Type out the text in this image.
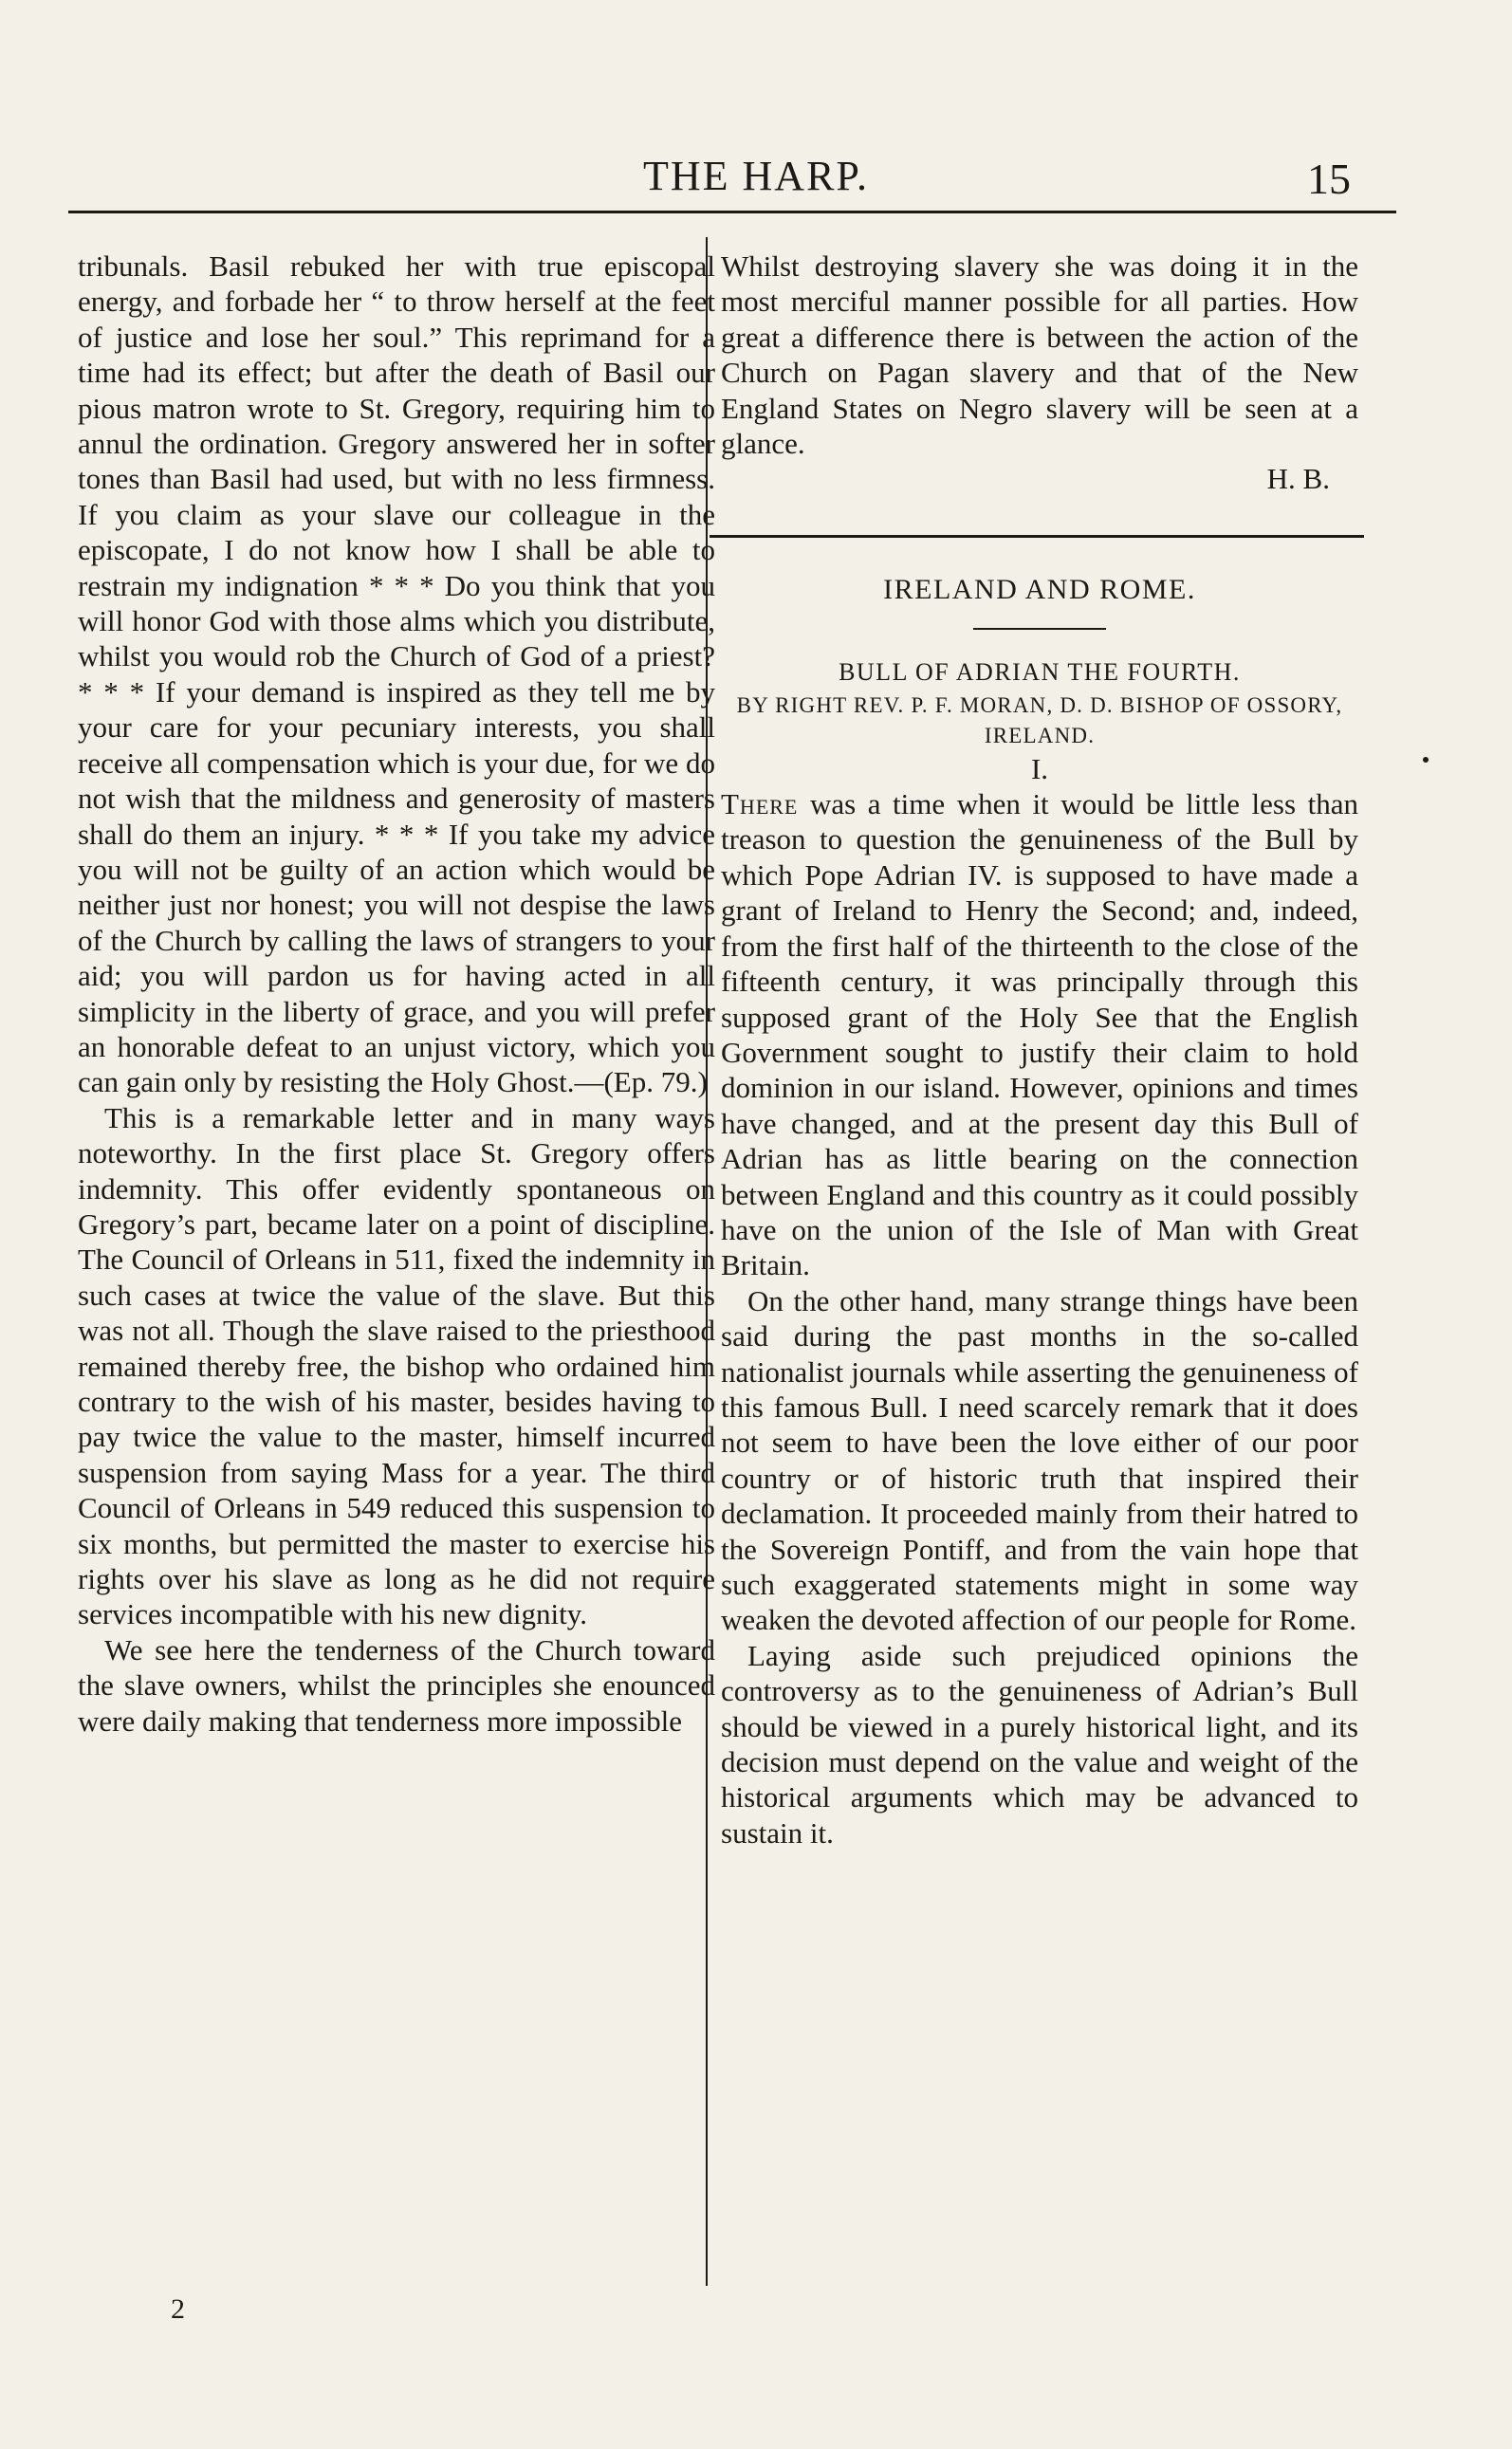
THE HARP.	15

tribunals. Basil rebuked her with true episcopal energy, and forbade her “ to throw herself at the feet of justice and lose her soul.” This reprimand for a time had its effect; but after the death of Basil our pious matron wrote to St. Gregory, requiring him to annul the ordination. Gregory answered her in softer tones than Basil had used, but with no less firmness. If you claim as your slave our colleague in the episcopate, I do not know how I shall be able to restrain my indignation * * * Do you think that you will honor God with those alms which you distribute, whilst you would rob the Church of God of a priest? * * * If your demand is inspired as they tell me by your care for your pecuniary interests, you shall receive all compensation which is your due, for we do not wish that the mildness and generosity of masters shall do them an injury. * * * If you take my advice you will not be guilty of an action which would be neither just nor honest; you will not despise the laws of the Church by calling the laws of strangers to your aid; you will pardon us for having acted in all simplicity in the liberty of grace, and you will prefer an honorable defeat to an unjust victory, which you can gain only by resisting the Holy Ghost.—(Ep. 79.)

This is a remarkable letter and in many ways noteworthy. In the first place St. Gregory offers indemnity. This offer evidently spontaneous on Gregory’s part, became later on a point of discipline. The Council of Orleans in 511, fixed the indemnity in such cases at twice the value of the slave. But this was not all. Though the slave raised to the priesthood remained thereby free, the bishop who ordained him contrary to the wish of his master, besides having to pay twice the value to the master, himself incurred suspension from saying Mass for a year. The third Council of Orleans in 549 reduced this suspension to six months, but permitted the master to exercise his rights over his slave as long as he did not require services incompatible with his new dignity.

We see here the tenderness of the Church toward the slave owners, whilst the principles she enounced were daily making that tenderness more impossible

Whilst destroying slavery she was doing it in the most merciful manner possible for all parties. How great a difference there is between the action of the Church on Pagan slavery and that of the New England States on Negro slavery will be seen at a glance.

H. B.

IRELAND AND ROME.

BULL OF ADRIAN THE FOURTH.

BY RIGHT REV. P. F. MORAN, D. D. BISHOP OF OSSORY, IRELAND.

I.

There was a time when it would be little less than treason to question the genuineness of the Bull by which Pope Adrian IV. is supposed to have made a grant of Ireland to Henry the Second; and, indeed, from the first half of the thirteenth to the close of the fifteenth century, it was principally through this supposed grant of the Holy See that the English Government sought to justify their claim to hold dominion in our island. However, opinions and times have changed, and at the present day this Bull of Adrian has as little bearing on the connection between England and this country as it could possibly have on the union of the Isle of Man with Great Britain.

On the other hand, many strange things have been said during the past months in the so-called nationalist journals while asserting the genuineness of this famous Bull. I need scarcely remark that it does not seem to have been the love either of our poor country or of historic truth that inspired their declamation. It proceeded mainly from their hatred to the Sovereign Pontiff, and from the vain hope that such exaggerated statements might in some way weaken the devoted affection of our people for Rome.

Laying aside such prejudiced opinions the controversy as to the genuineness of Adrian’s Bull should be viewed in a purely historical light, and its decision must depend on the value and weight of the historical arguments which may be advanced to sustain it.

2
